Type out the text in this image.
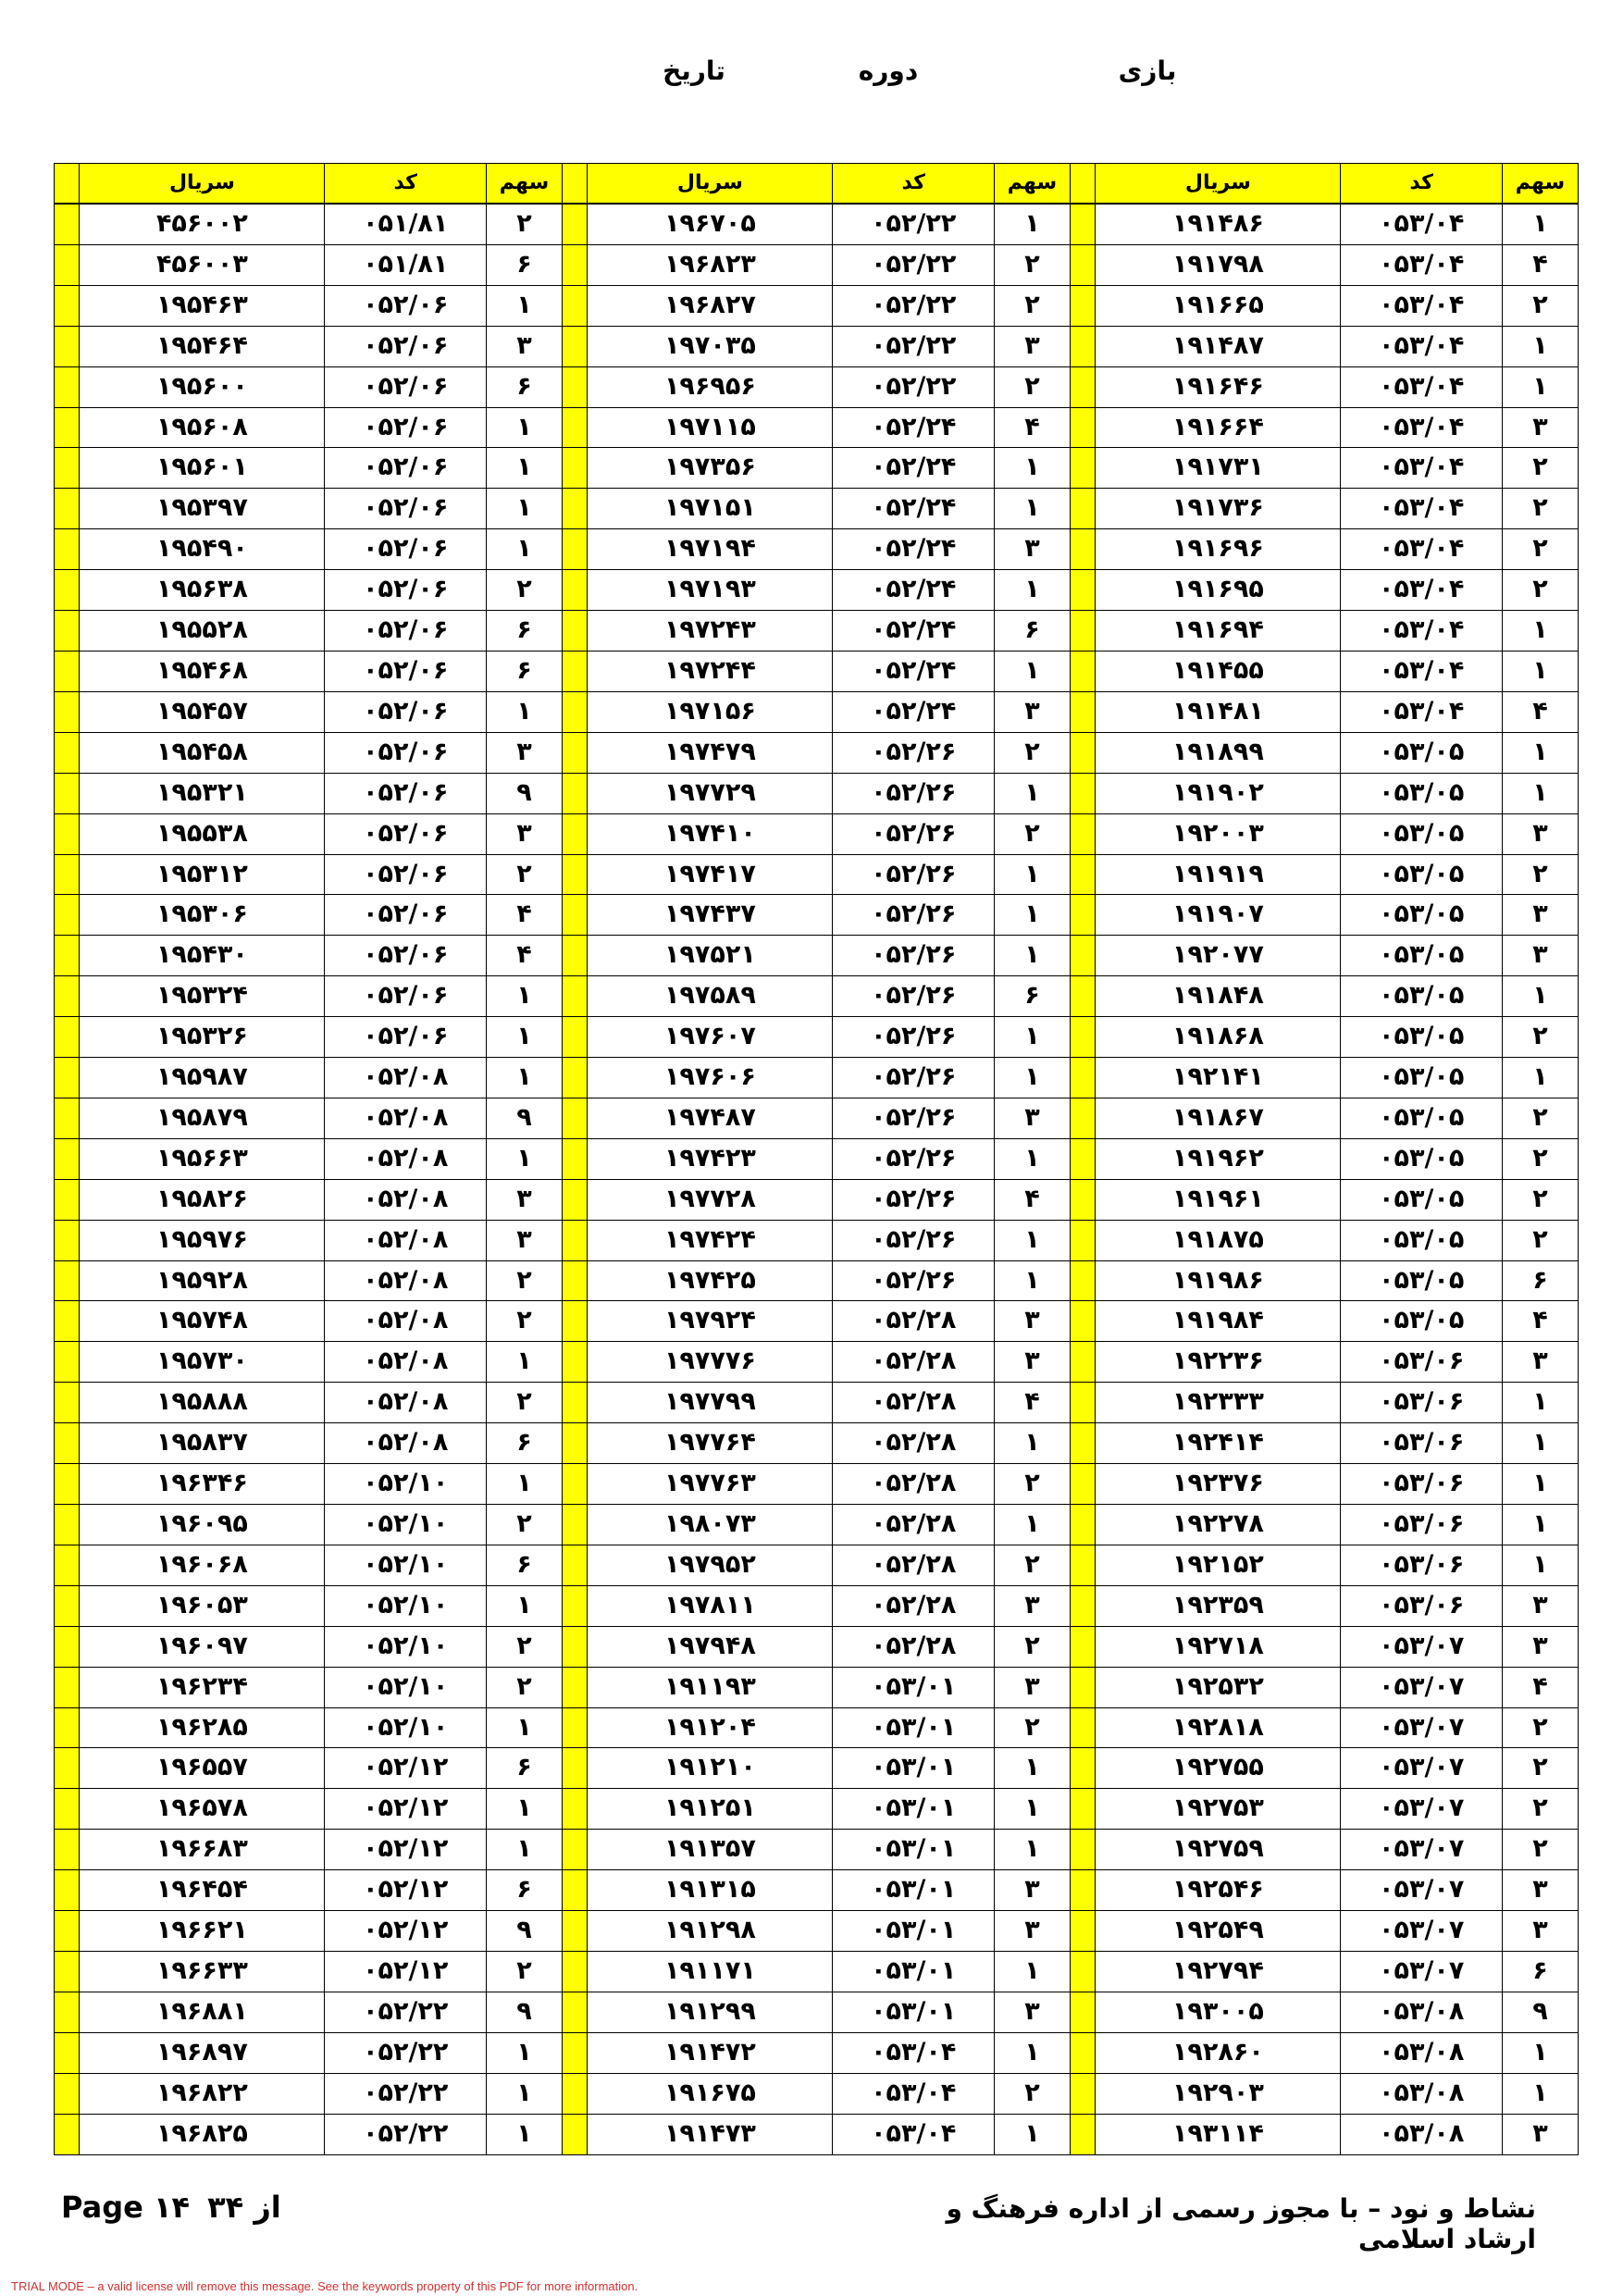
بازی
دوره
تاریخ
سهم	کد	سریال		سهم	کد	سریال		سهم	کد	سریال	
۱	۰۵۳/۰۴	۱۹۱۴۸۶		۱	۰۵۲/۲۲	۱۹۶۷۰۵		۲	۰۵۱/۸۱	۴۵۶۰۰۲	
۴	۰۵۳/۰۴	۱۹۱۷۹۸		۲	۰۵۲/۲۲	۱۹۶۸۲۳		۶	۰۵۱/۸۱	۴۵۶۰۰۳	
۲	۰۵۳/۰۴	۱۹۱۶۶۵		۲	۰۵۲/۲۲	۱۹۶۸۲۷		۱	۰۵۲/۰۶	۱۹۵۴۶۳	
۱	۰۵۳/۰۴	۱۹۱۴۸۷		۳	۰۵۲/۲۲	۱۹۷۰۳۵		۳	۰۵۲/۰۶	۱۹۵۴۶۴	
۱	۰۵۳/۰۴	۱۹۱۶۴۶		۲	۰۵۲/۲۲	۱۹۶۹۵۶		۶	۰۵۲/۰۶	۱۹۵۶۰۰	
۳	۰۵۳/۰۴	۱۹۱۶۶۴		۴	۰۵۲/۲۴	۱۹۷۱۱۵		۱	۰۵۲/۰۶	۱۹۵۶۰۸	
۲	۰۵۳/۰۴	۱۹۱۷۳۱		۱	۰۵۲/۲۴	۱۹۷۳۵۶		۱	۰۵۲/۰۶	۱۹۵۶۰۱	
۲	۰۵۳/۰۴	۱۹۱۷۳۶		۱	۰۵۲/۲۴	۱۹۷۱۵۱		۱	۰۵۲/۰۶	۱۹۵۳۹۷	
۲	۰۵۳/۰۴	۱۹۱۶۹۶		۳	۰۵۲/۲۴	۱۹۷۱۹۴		۱	۰۵۲/۰۶	۱۹۵۴۹۰	
۲	۰۵۳/۰۴	۱۹۱۶۹۵		۱	۰۵۲/۲۴	۱۹۷۱۹۳		۲	۰۵۲/۰۶	۱۹۵۶۳۸	
۱	۰۵۳/۰۴	۱۹۱۶۹۴		۶	۰۵۲/۲۴	۱۹۷۲۴۳		۶	۰۵۲/۰۶	۱۹۵۵۲۸	
۱	۰۵۳/۰۴	۱۹۱۴۵۵		۱	۰۵۲/۲۴	۱۹۷۲۴۴		۶	۰۵۲/۰۶	۱۹۵۴۶۸	
۴	۰۵۳/۰۴	۱۹۱۴۸۱		۳	۰۵۲/۲۴	۱۹۷۱۵۶		۱	۰۵۲/۰۶	۱۹۵۴۵۷	
۱	۰۵۳/۰۵	۱۹۱۸۹۹		۲	۰۵۲/۲۶	۱۹۷۴۷۹		۳	۰۵۲/۰۶	۱۹۵۴۵۸	
۱	۰۵۳/۰۵	۱۹۱۹۰۲		۱	۰۵۲/۲۶	۱۹۷۷۲۹		۹	۰۵۲/۰۶	۱۹۵۳۲۱	
۳	۰۵۳/۰۵	۱۹۲۰۰۳		۲	۰۵۲/۲۶	۱۹۷۴۱۰		۳	۰۵۲/۰۶	۱۹۵۵۳۸	
۲	۰۵۳/۰۵	۱۹۱۹۱۹		۱	۰۵۲/۲۶	۱۹۷۴۱۷		۲	۰۵۲/۰۶	۱۹۵۳۱۲	
۳	۰۵۳/۰۵	۱۹۱۹۰۷		۱	۰۵۲/۲۶	۱۹۷۴۳۷		۴	۰۵۲/۰۶	۱۹۵۳۰۶	
۳	۰۵۳/۰۵	۱۹۲۰۷۷		۱	۰۵۲/۲۶	۱۹۷۵۲۱		۴	۰۵۲/۰۶	۱۹۵۴۳۰	
۱	۰۵۳/۰۵	۱۹۱۸۴۸		۶	۰۵۲/۲۶	۱۹۷۵۸۹		۱	۰۵۲/۰۶	۱۹۵۳۲۴	
۲	۰۵۳/۰۵	۱۹۱۸۶۸		۱	۰۵۲/۲۶	۱۹۷۶۰۷		۱	۰۵۲/۰۶	۱۹۵۳۲۶	
۱	۰۵۳/۰۵	۱۹۲۱۴۱		۱	۰۵۲/۲۶	۱۹۷۶۰۶		۱	۰۵۲/۰۸	۱۹۵۹۸۷	
۲	۰۵۳/۰۵	۱۹۱۸۶۷		۳	۰۵۲/۲۶	۱۹۷۴۸۷		۹	۰۵۲/۰۸	۱۹۵۸۷۹	
۲	۰۵۳/۰۵	۱۹۱۹۶۲		۱	۰۵۲/۲۶	۱۹۷۴۲۳		۱	۰۵۲/۰۸	۱۹۵۶۶۳	
۲	۰۵۳/۰۵	۱۹۱۹۶۱		۴	۰۵۲/۲۶	۱۹۷۷۲۸		۳	۰۵۲/۰۸	۱۹۵۸۲۶	
۲	۰۵۳/۰۵	۱۹۱۸۷۵		۱	۰۵۲/۲۶	۱۹۷۴۲۴		۳	۰۵۲/۰۸	۱۹۵۹۷۶	
۶	۰۵۳/۰۵	۱۹۱۹۸۶		۱	۰۵۲/۲۶	۱۹۷۴۲۵		۲	۰۵۲/۰۸	۱۹۵۹۲۸	
۴	۰۵۳/۰۵	۱۹۱۹۸۴		۳	۰۵۲/۲۸	۱۹۷۹۲۴		۲	۰۵۲/۰۸	۱۹۵۷۴۸	
۳	۰۵۳/۰۶	۱۹۲۲۳۶		۳	۰۵۲/۲۸	۱۹۷۷۷۶		۱	۰۵۲/۰۸	۱۹۵۷۳۰	
۱	۰۵۳/۰۶	۱۹۲۳۳۳		۴	۰۵۲/۲۸	۱۹۷۷۹۹		۲	۰۵۲/۰۸	۱۹۵۸۸۸	
۱	۰۵۳/۰۶	۱۹۲۴۱۴		۱	۰۵۲/۲۸	۱۹۷۷۶۴		۶	۰۵۲/۰۸	۱۹۵۸۳۷	
۱	۰۵۳/۰۶	۱۹۲۳۷۶		۲	۰۵۲/۲۸	۱۹۷۷۶۳		۱	۰۵۲/۱۰	۱۹۶۳۴۶	
۱	۰۵۳/۰۶	۱۹۲۲۷۸		۱	۰۵۲/۲۸	۱۹۸۰۷۳		۲	۰۵۲/۱۰	۱۹۶۰۹۵	
۱	۰۵۳/۰۶	۱۹۲۱۵۲		۲	۰۵۲/۲۸	۱۹۷۹۵۲		۶	۰۵۲/۱۰	۱۹۶۰۶۸	
۳	۰۵۳/۰۶	۱۹۲۳۵۹		۳	۰۵۲/۲۸	۱۹۷۸۱۱		۱	۰۵۲/۱۰	۱۹۶۰۵۳	
۳	۰۵۳/۰۷	۱۹۲۷۱۸		۲	۰۵۲/۲۸	۱۹۷۹۴۸		۲	۰۵۲/۱۰	۱۹۶۰۹۷	
۴	۰۵۳/۰۷	۱۹۲۵۳۲		۳	۰۵۳/۰۱	۱۹۱۱۹۳		۲	۰۵۲/۱۰	۱۹۶۲۳۴	
۲	۰۵۳/۰۷	۱۹۲۸۱۸		۲	۰۵۳/۰۱	۱۹۱۲۰۴		۱	۰۵۲/۱۰	۱۹۶۲۸۵	
۲	۰۵۳/۰۷	۱۹۲۷۵۵		۱	۰۵۳/۰۱	۱۹۱۲۱۰		۶	۰۵۲/۱۲	۱۹۶۵۵۷	
۲	۰۵۳/۰۷	۱۹۲۷۵۳		۱	۰۵۳/۰۱	۱۹۱۲۵۱		۱	۰۵۲/۱۲	۱۹۶۵۷۸	
۲	۰۵۳/۰۷	۱۹۲۷۵۹		۱	۰۵۳/۰۱	۱۹۱۳۵۷		۱	۰۵۲/۱۲	۱۹۶۶۸۳	
۳	۰۵۳/۰۷	۱۹۲۵۴۶		۳	۰۵۳/۰۱	۱۹۱۳۱۵		۶	۰۵۲/۱۲	۱۹۶۴۵۴	
۳	۰۵۳/۰۷	۱۹۲۵۴۹		۳	۰۵۳/۰۱	۱۹۱۲۹۸		۹	۰۵۲/۱۲	۱۹۶۶۲۱	
۶	۰۵۳/۰۷	۱۹۲۷۹۴		۱	۰۵۳/۰۱	۱۹۱۱۷۱		۲	۰۵۲/۱۲	۱۹۶۶۳۳	
۹	۰۵۳/۰۸	۱۹۳۰۰۵		۳	۰۵۳/۰۱	۱۹۱۲۹۹		۹	۰۵۲/۲۲	۱۹۶۸۸۱	
۱	۰۵۳/۰۸	۱۹۲۸۶۰		۱	۰۵۳/۰۴	۱۹۱۴۷۲		۱	۰۵۲/۲۲	۱۹۶۸۹۷	
۱	۰۵۳/۰۸	۱۹۲۹۰۳		۲	۰۵۳/۰۴	۱۹۱۶۷۵		۱	۰۵۲/۲۲	۱۹۶۸۲۲	
۳	۰۵۳/۰۸	۱۹۳۱۱۴		۱	۰۵۳/۰۴	۱۹۱۴۷۳		۱	۰۵۲/۲۲	۱۹۶۸۲۵	
نشاط و نود – با مجوز رسمی از اداره فرهنگ و ارشاد اسلامی
Page ۱۴ از ۳۴
TRIAL MODE – a valid license will remove this message. See the keywords property of this PDF for more information.
